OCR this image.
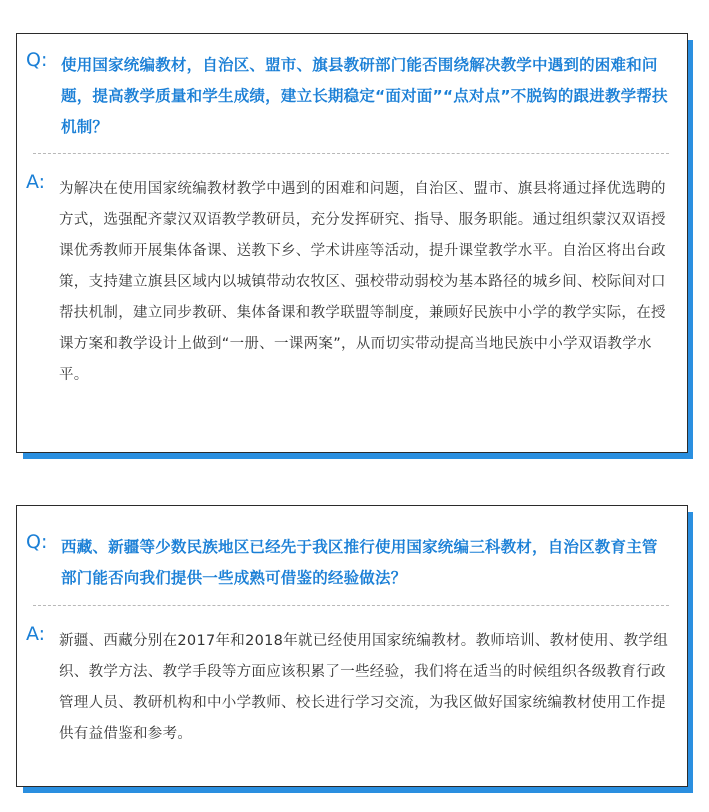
Q: 使用国家统编教材，自治区、盟市、旗县教研部门能否围绕解决教学中遇到的困难和问题，提高教学质量和学生成绩，建立长期稳定“面对面”“点对点”不脱钩的跟进教学帮扶机制？
A: 为解决在使用国家统编教材教学中遇到的困难和问题，自治区、盟市、旗县将通过择优选聘的方式，选强配齐蒙汉双语教学教研员，充分发挥研究、指导、服务职能。通过组织蒙汉双语授课优秀教师开展集体备课、送教下乡、学术讲座等活动，提升课堂教学水平。自治区将出台政策，支持建立旗县区域内以城镇带动农牧区、强校带动弱校为基本路径的城乡间、校际间对口帮扶机制，建立同步教研、集体备课和教学联盟等制度，兼顾好民族中小学的教学实际，在授课方案和教学设计上做到“一册、一课两案”，从而切实带动提高当地民族中小学双语教学水平。
Q: 西藏、新疆等少数民族地区已经先于我区推行使用国家统编三科教材，自治区教育主管部门能否向我们提供一些成熟可借鉴的经验做法？
A: 新疆、西藏分别在2017年和2018年就已经使用国家统编教材。教师培训、教材使用、教学组织、教学方法、教学手段等方面应该积累了一些经验，我们将在适当的时候组织各级教育行政管理人员、教研机构和中小学教师、校长进行学习交流，为我区做好国家统编教材使用工作提供有益借鉴和参考。
